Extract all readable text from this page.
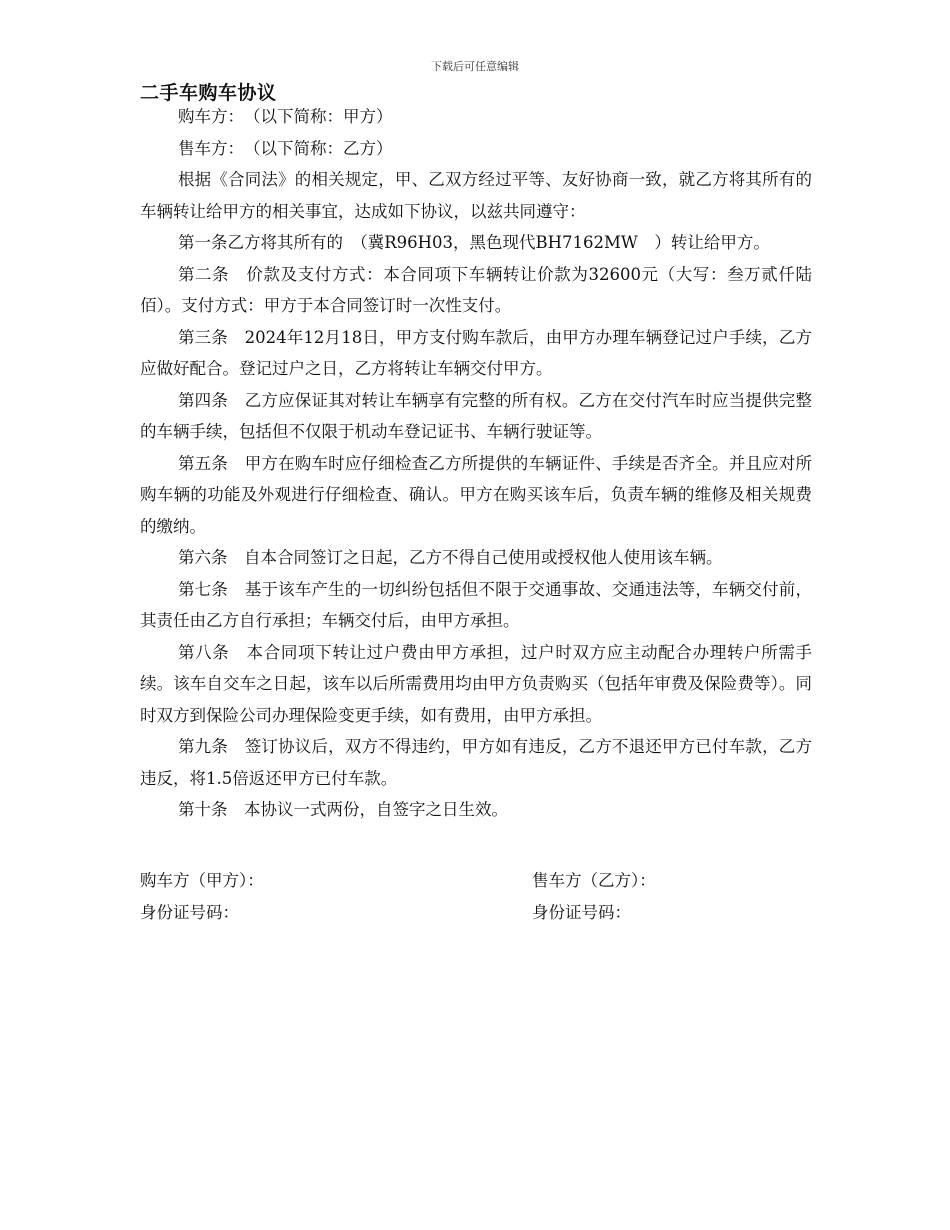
下载后可任意编辑
二手车购车协议

购车方：　（以下简称：甲方）

售车方：　（以下简称：乙方）

根据《合同法》的相关规定，甲、乙双方经过平等、友好协商一致，就乙方将其所有的车辆转让给甲方的相关事宜，达成如下协议，以兹共同遵守：

第一条乙方将其所有的　（冀R96H03，黑色现代BH7162MW　）转让给甲方。

第二条　价款及支付方式：本合同项下车辆转让价款为32600元（大写：叁万贰仟陆佰）。支付方式：甲方于本合同签订时一次性支付。

第三条　2024年12月18日，甲方支付购车款后，由甲方办理车辆登记过户手续，乙方应做好配合。登记过户之日，乙方将转让车辆交付甲方。

第四条　乙方应保证其对转让车辆享有完整的所有权。乙方在交付汽车时应当提供完整的车辆手续，包括但不仅限于机动车登记证书、车辆行驶证等。

第五条　甲方在购车时应仔细检查乙方所提供的车辆证件、手续是否齐全。并且应对所购车辆的功能及外观进行仔细检查、确认。甲方在购买该车后，负责车辆的维修及相关规费的缴纳。

第六条　自本合同签订之日起，乙方不得自己使用或授权他人使用该车辆。

第七条　基于该车产生的一切纠纷包括但不限于交通事故、交通违法等，车辆交付前，其责任由乙方自行承担；车辆交付后，由甲方承担。

第八条　本合同项下转让过户费由甲方承担，过户时双方应主动配合办理转户所需手续。该车自交车之日起，该车以后所需费用均由甲方负责购买（包括年审费及保险费等）。同时双方到保险公司办理保险变更手续，如有费用，由甲方承担。

第九条　签订协议后，双方不得违约，甲方如有违反，乙方不退还甲方已付车款，乙方违反，将1.5倍返还甲方已付车款。

第十条　本协议一式两份，自签字之日生效。

购车方（甲方）：	售车方（乙方）：
身份证号码：	身份证号码：
